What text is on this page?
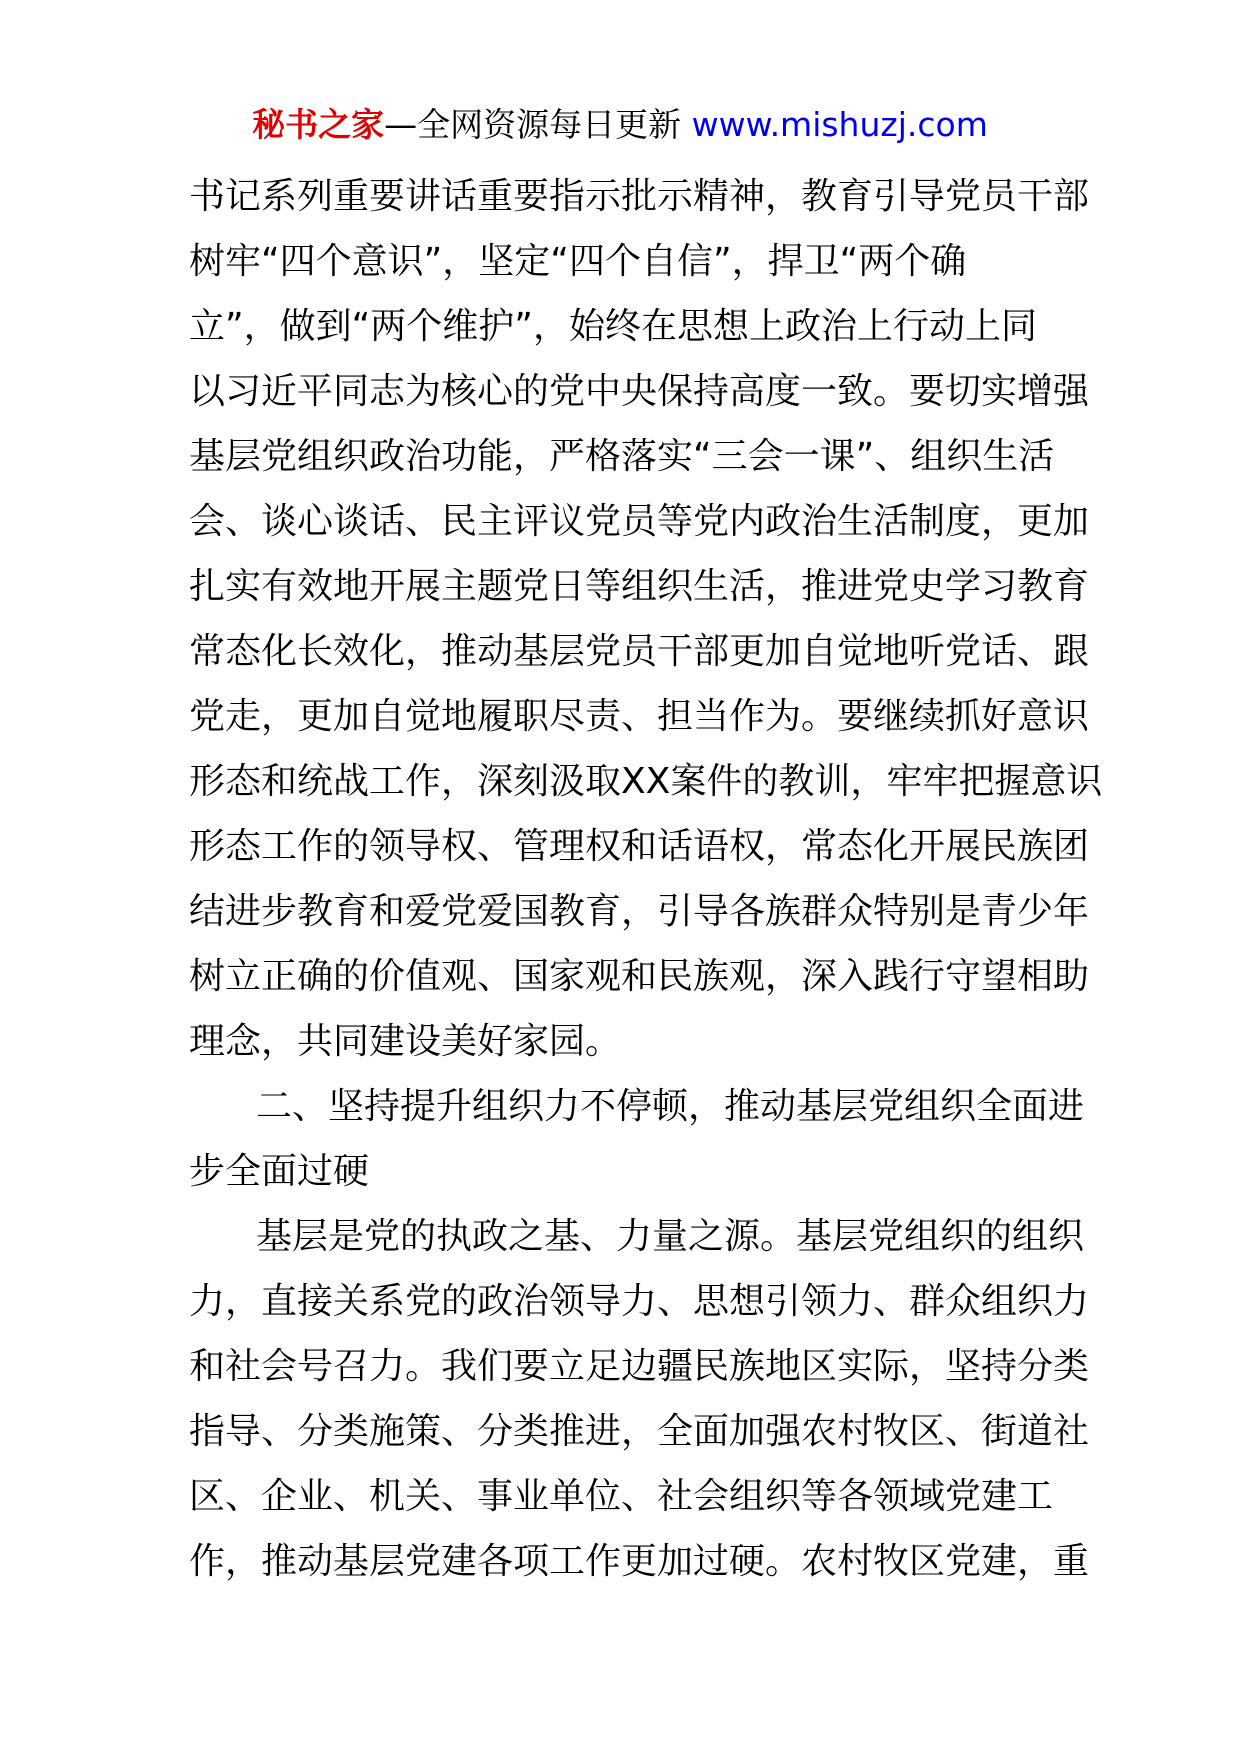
秘书之家—全网资源每日更新 www.mishuzj.com
书记系列重要讲话重要指示批示精神，教育引导党员干部
树牢“四个意识”，坚定“四个自信”，捍卫“两个确
立”，做到“两个维护”，始终在思想上政治上行动上同
以习近平同志为核心的党中央保持高度一致。要切实增强
基层党组织政治功能，严格落实“三会一课”、组织生活
会、谈心谈话、民主评议党员等党内政治生活制度，更加
扎实有效地开展主题党日等组织生活，推进党史学习教育
常态化长效化，推动基层党员干部更加自觉地听党话、跟
党走，更加自觉地履职尽责、担当作为。要继续抓好意识
形态和统战工作，深刻汲取XX案件的教训，牢牢把握意识
形态工作的领导权、管理权和话语权，常态化开展民族团
结进步教育和爱党爱国教育，引导各族群众特别是青少年
树立正确的价值观、国家观和民族观，深入践行守望相助
理念，共同建设美好家园。
二、坚持提升组织力不停顿，推动基层党组织全面进
步全面过硬
基层是党的执政之基、力量之源。基层党组织的组织
力，直接关系党的政治领导力、思想引领力、群众组织力
和社会号召力。我们要立足边疆民族地区实际，坚持分类
指导、分类施策、分类推进，全面加强农村牧区、街道社
区、企业、机关、事业单位、社会组织等各领域党建工
作，推动基层党建各项工作更加过硬。农村牧区党建，重
